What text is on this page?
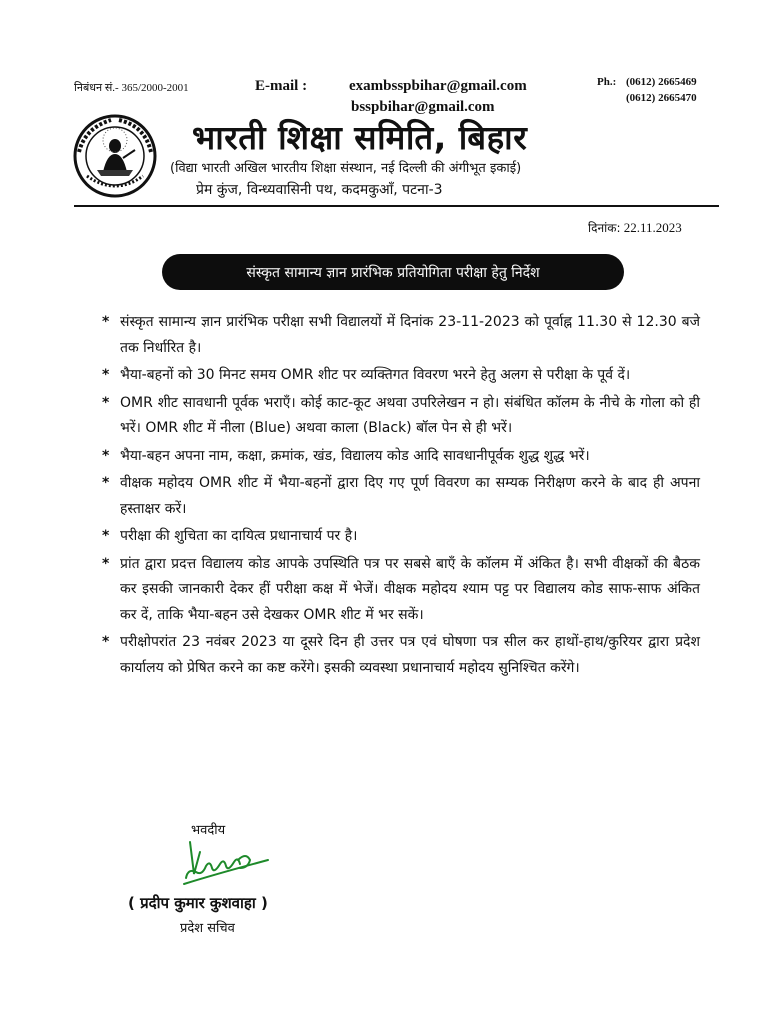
निबंधन सं.- 365/2000-2001	E-mail :	exambsspbihar@gmail.com
bsspbihar@gmail.com
Ph.: (0612) 2665469
(0612) 2665470
भारती शिक्षा समिति, बिहार
(विद्या भारती अखिल भारतीय शिक्षा संस्थान, नई दिल्ली की अंगीभूत इकाई)
प्रेम कुंज, विन्ध्यवासिनी पथ, कदमकुआँ, पटना-3
दिनांक: 22.11.2023
संस्कृत सामान्य ज्ञान प्रारंभिक प्रतियोगिता परीक्षा हेतु निर्देश
* संस्कृत सामान्य ज्ञान प्रारंभिक परीक्षा सभी विद्यालयों में दिनांक 23-11-2023 को पूर्वाह्न 11.30 से 12.30 बजे तक निर्धारित है।
* भैया-बहनों को 30 मिनट समय OMR शीट पर व्यक्तिगत विवरण भरने हेतु अलग से परीक्षा के पूर्व दें।
* OMR शीट सावधानी पूर्वक भराएँ। कोई काट-कूट अथवा उपरिलेखन न हो। संबंधित कॉलम के नीचे के गोला को ही भरें। OMR शीट में नीला (Blue) अथवा काला (Black) बॉल पेन से ही भरें।
* भैया-बहन अपना नाम, कक्षा, क्रमांक, खंड, विद्यालय कोड आदि सावधानीपूर्वक शुद्ध शुद्ध भरें।
* वीक्षक महोदय OMR शीट में भैया-बहनों द्वारा दिए गए पूर्ण विवरण का सम्यक निरीक्षण करने के बाद ही अपना हस्ताक्षर करें।
* परीक्षा की शुचिता का दायित्व प्रधानाचार्य पर है।
* प्रांत द्वारा प्रदत्त विद्यालय कोड आपके उपस्थिति पत्र पर सबसे बाएँ के कॉलम में अंकित है। सभी वीक्षकों की बैठक कर इसकी जानकारी देकर हीं परीक्षा कक्ष में भेजें। वीक्षक महोदय श्याम पट्ट पर विद्यालय कोड साफ-साफ अंकित कर दें, ताकि भैया-बहन उसे देखकर OMR शीट में भर सकें।
* परीक्षोपरांत 23 नवंबर 2023 या दूसरे दिन ही उत्तर पत्र एवं घोषणा पत्र सील कर हाथों-हाथ/कुरियर द्वारा प्रदेश कार्यालय को प्रेषित करने का कष्ट करेंगे। इसकी व्यवस्था प्रधानाचार्य महोदय सुनिश्चित करेंगे।
भवदीय
( प्रदीप कुमार कुशवाहा )
प्रदेश सचिव
